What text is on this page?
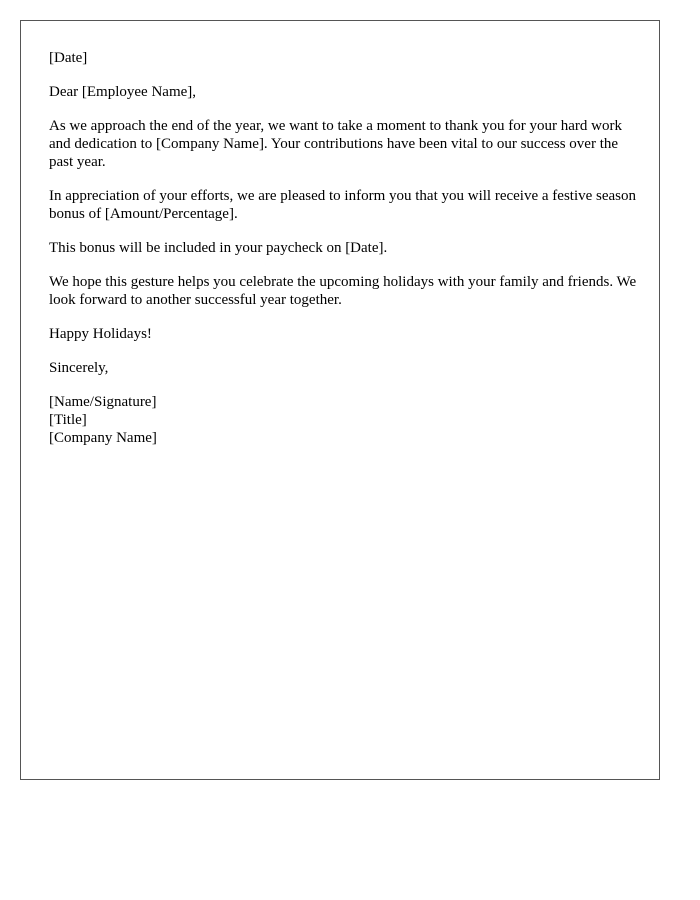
[Date]

Dear [Employee Name],

As we approach the end of the year, we want to take a moment to thank you for your hard work and dedication to [Company Name]. Your contributions have been vital to our success over the past year.

In appreciation of your efforts, we are pleased to inform you that you will receive a festive season bonus of [Amount/Percentage].

This bonus will be included in your paycheck on [Date].

We hope this gesture helps you celebrate the upcoming holidays with your family and friends. We look forward to another successful year together.

Happy Holidays!

Sincerely,

[Name/Signature]
[Title]
[Company Name]
